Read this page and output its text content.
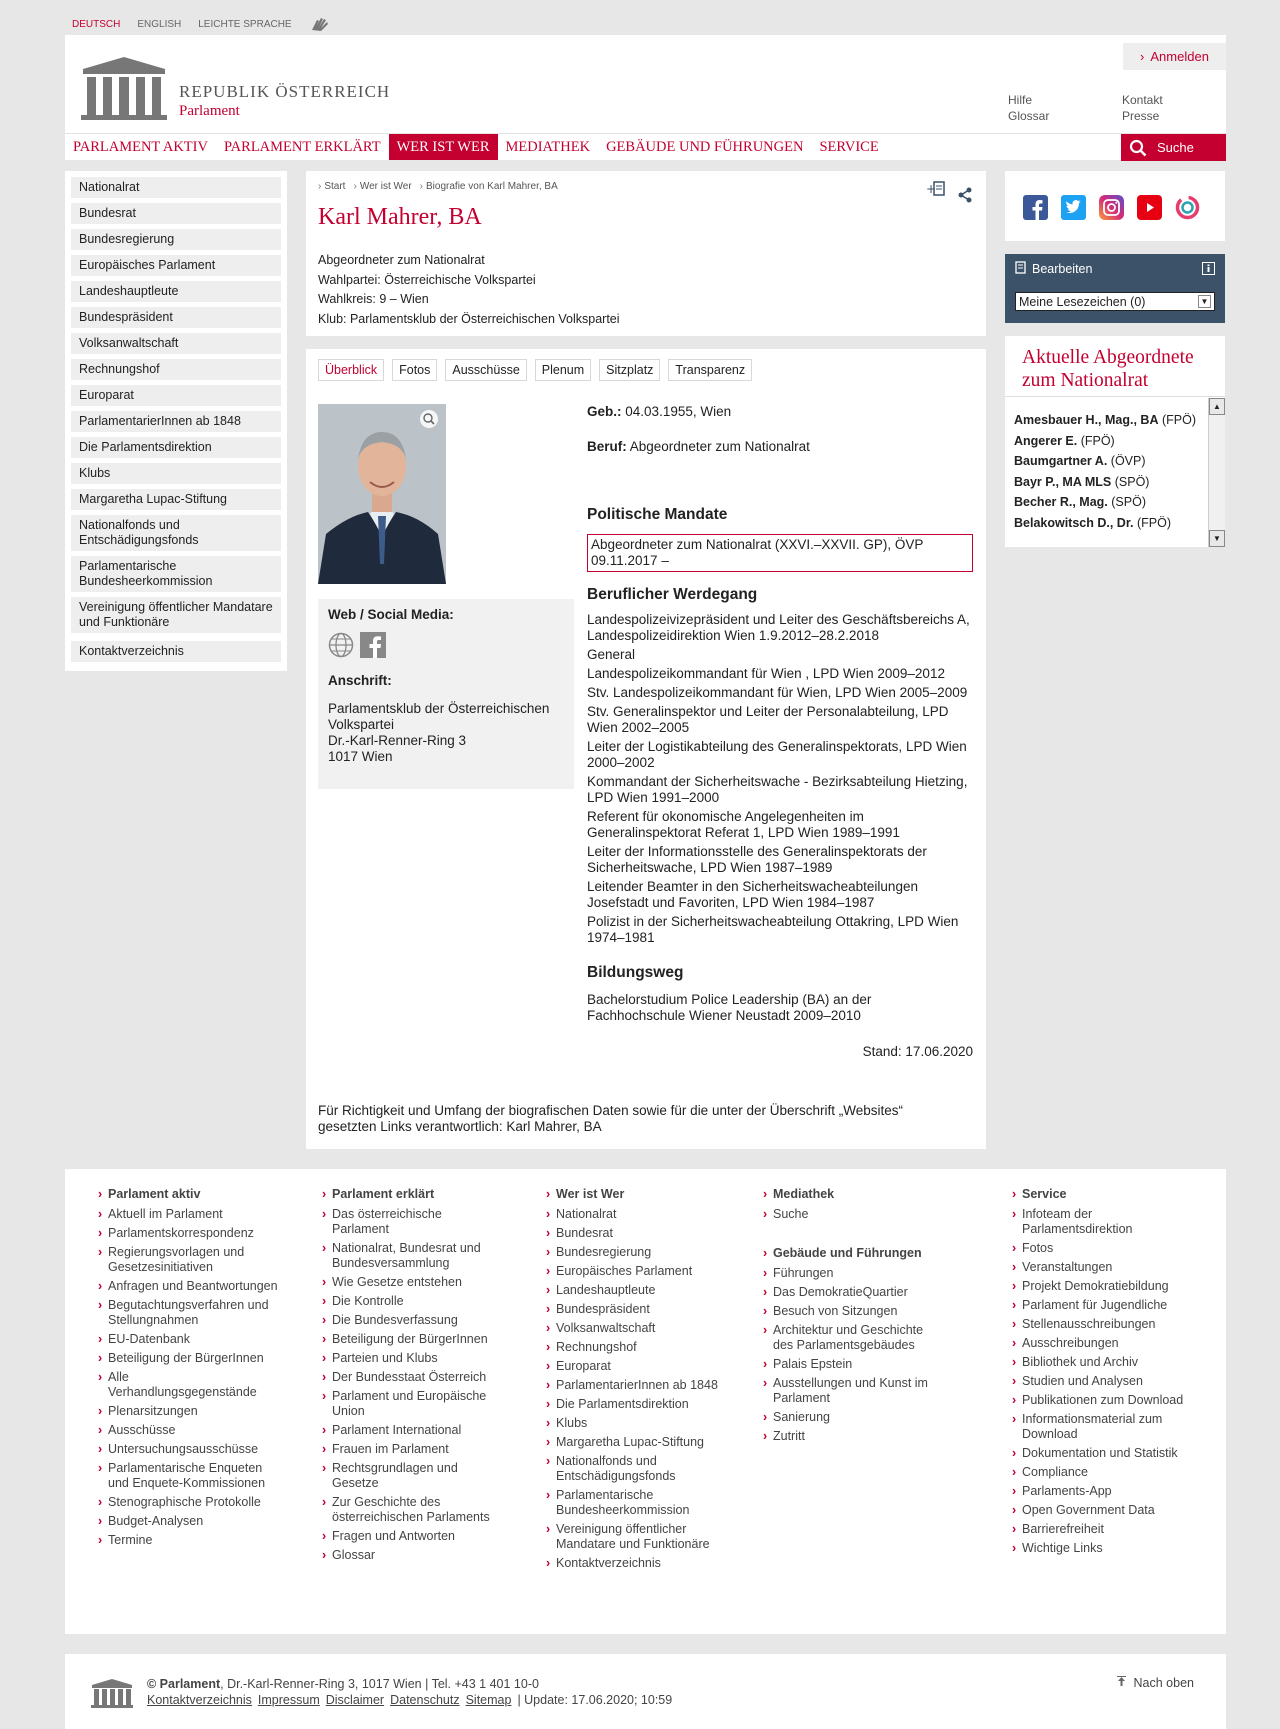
DEUTSCH ENGLISH LEICHTE SPRACHE
REPUBLIK ÖSTERREICH
Parlament
› Anmelden
Hilfe
Glossar
Kontakt
Presse
PARLAMENT AKTIV	PARLAMENT ERKLÄRT	WER IST WER	MEDIATHEK	GEBÄUDE UND FÜHRUNGEN	SERVICE	Suche
Nationalrat
Bundesrat
Bundesregierung
Europäisches Parlament
Landeshauptleute
Bundespräsident
Volksanwaltschaft
Rechnungshof
Europarat
ParlamentarierInnen ab 1848
Die Parlamentsdirektion
Klubs
Margaretha Lupac-Stiftung
Nationalfonds und Entschädigungsfonds
Parlamentarische Bundesheerkommission
Vereinigung öffentlicher Mandatare und Funktionäre
Kontaktverzeichnis
› Start	› Wer ist Wer	› Biografie von Karl Mahrer, BA	+
Karl Mahrer, BA
Abgeordneter zum Nationalrat
Wahlpartei: Österreichische Volkspartei
Wahlkreis: 9 – Wien
Klub: Parlamentsklub der Österreichischen Volkspartei
Überblick	Fotos	Ausschüsse	Plenum	Sitzplatz	Transparenz
Web / Social Media:
Anschrift:
Parlamentsklub der Österreichischen Volkspartei
Dr.-Karl-Renner-Ring 3
1017 Wien
Geb.: 04.03.1955, Wien
Beruf: Abgeordneter zum Nationalrat
Politische Mandate
Abgeordneter zum Nationalrat (XXVI.–XXVII. GP), ÖVP
09.11.2017 –
Beruflicher Werdegang
Landespolizeivizepräsident und Leiter des Geschäftsbereichs A, Landespolizeidirektion Wien 1.9.2012–28.2.2018
General
Landespolizeikommandant für Wien , LPD Wien 2009–2012
Stv. Landespolizeikommandant für Wien, LPD Wien 2005–2009
Stv. Generalinspektor und Leiter der Personalabteilung, LPD Wien 2002–2005
Leiter der Logistikabteilung des Generalinspektorats, LPD Wien 2000–2002
Kommandant der Sicherheitswache - Bezirksabteilung Hietzing, LPD Wien 1991–2000
Referent für okonomische Angelegenheiten im Generalinspektorat Referat 1, LPD Wien 1989–1991
Leiter der Informationsstelle des Generalinspektorats der Sicherheitswache, LPD Wien 1987–1989
Leitender Beamter in den Sicherheitswacheabteilungen Josefstadt und Favoriten, LPD Wien 1984–1987
Polizist in der Sicherheitswacheabteilung Ottakring, LPD Wien 1974–1981
Bildungsweg
Bachelorstudium Police Leadership (BA) an der Fachhochschule Wiener Neustadt 2009–2010
Stand: 17.06.2020
Für Richtigkeit und Umfang der biografischen Daten sowie für die unter der Überschrift „Websites“ gesetzten Links verantwortlich: Karl Mahrer, BA
Bearbeiten
Meine Lesezeichen (0)	▼
Aktuelle Abgeordnete zum Nationalrat
Amesbauer H., Mag., BA (FPÖ)
Angerer E. (FPÖ)
Baumgartner A. (ÖVP)
Bayr P., MA MLS (SPÖ)
Becher R., Mag. (SPÖ)
Belakowitsch D., Dr. (FPÖ)
▲
▼
› Parlament aktiv
› Aktuell im Parlament
› Parlamentskorrespondenz
› Regierungsvorlagen und Gesetzesinitiativen
› Anfragen und Beantwortungen
› Begutachtungsverfahren und Stellungnahmen
› EU-Datenbank
› Beteiligung der BürgerInnen
› Alle Verhandlungsgegenstände
› Plenarsitzungen
› Ausschüsse
› Untersuchungsausschüsse
› Parlamentarische Enqueten und Enquete-Kommissionen
› Stenographische Protokolle
› Budget-Analysen
› Termine
› Parlament erklärt
› Das österreichische Parlament
› Nationalrat, Bundesrat und Bundesversammlung
› Wie Gesetze entstehen
› Die Kontrolle
› Die Bundesverfassung
› Beteiligung der BürgerInnen
› Parteien und Klubs
› Der Bundesstaat Österreich
› Parlament und Europäische Union
› Parlament International
› Frauen im Parlament
› Rechtsgrundlagen und Gesetze
› Zur Geschichte des österreichischen Parlaments
› Fragen und Antworten
› Glossar
› Wer ist Wer
› Nationalrat
› Bundesrat
› Bundesregierung
› Europäisches Parlament
› Landeshauptleute
› Bundespräsident
› Volksanwaltschaft
› Rechnungshof
› Europarat
› ParlamentarierInnen ab 1848
› Die Parlamentsdirektion
› Klubs
› Margaretha Lupac-Stiftung
› Nationalfonds und Entschädigungsfonds
› Parlamentarische Bundesheerkommission
› Vereinigung öffentlicher Mandatare und Funktionäre
› Kontaktverzeichnis
› Mediathek
› Suche
› Gebäude und Führungen
› Führungen
› Das DemokratieQuartier
› Besuch von Sitzungen
› Architektur und Geschichte des Parlamentsgebäudes
› Palais Epstein
› Ausstellungen und Kunst im Parlament
› Sanierung
› Zutritt
› Service
› Infoteam der Parlamentsdirektion
› Fotos
› Veranstaltungen
› Projekt Demokratiebildung
› Parlament für Jugendliche
› Stellenausschreibungen
› Ausschreibungen
› Bibliothek und Archiv
› Studien und Analysen
› Publikationen zum Download
› Informationsmaterial zum Download
› Dokumentation und Statistik
› Compliance
› Parlaments-App
› Open Government Data
› Barrierefreiheit
› Wichtige Links
© Parlament, Dr.-Karl-Renner-Ring 3, 1017 Wien | Tel. +43 1 401 10-0
Kontaktverzeichnis Impressum Disclaimer Datenschutz Sitemap | Update: 17.06.2020; 10:59
Nach oben
